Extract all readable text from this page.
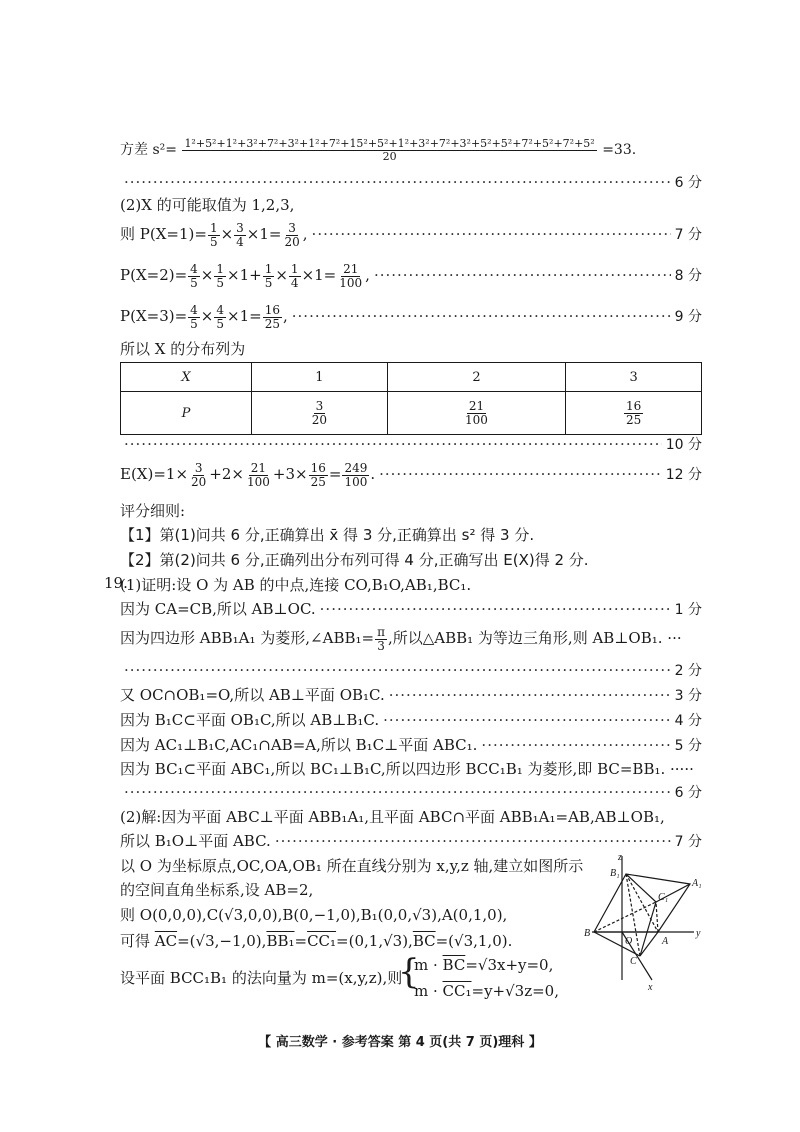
方差 $s^2= \frac{\text{1²+5²+1²+3²+7²+3²+1²+7²+15²+5²+1²+3²+7²+3²+5²+5²+7²+5²+7²+5²}}{20} =33$.
·····
6 分
(2)X 的可能取值为 1,2,3,
则 $P(X=1)= \frac{1}{5} \times \frac{3}{4} \times 1= \frac{3}{20}$ , ·····	7 分
$P(X=2)= \frac{4}{5} \times \frac{1}{5} \times 1+ \frac{1}{5} \times \frac{1}{4} \times 1= \frac{21}{100}$ , ·····	8 分
$P(X=3)= \frac{4}{5} \times \frac{4}{5} \times 1= \frac{16}{25}$ , ·····	9 分
所以 X 的分布列为
X	1	2	3
P	$\frac{3}{20}$	$\frac{21}{100}$	$\frac{16}{25}$
·····
10 分
$E(X)=1\times \frac{3}{20} +2\times \frac{21}{100} +3\times \frac{16}{25} = \frac{249}{100}$ . ·····	12 分
评分细则:
【1】第(1)问共 6 分,正确算出 x̄ 得 3 分,正确算出 s² 得 3 分.
【2】第(2)问共 6 分,正确列出分布列可得 4 分,正确写出 E(X)得 2 分.
19.
(1)证明:设 O 为 AB 的中点,连接 CO,B₁O,AB₁,BC₁.
因为 CA=CB,所以 AB⊥OC. ·····	1 分
因为四边形 ABB₁A₁ 为菱形,∠ABB₁= $\frac{\pi}{3}$ ,所以△ABB₁ 为等边三角形,则 AB⊥OB₁. ···
·····
2 分
又 OC∩OB₁=O,所以 AB⊥平面 OB₁C. ·····	3 分
因为 B₁C⊂平面 OB₁C,所以 AB⊥B₁C. ·····	4 分
因为 AC₁⊥B₁C,AC₁∩AB=A,所以 B₁C⊥平面 ABC₁. ·····	5 分
因为 BC₁⊂平面 ABC₁,所以 BC₁⊥B₁C,所以四边形 BCC₁B₁ 为菱形,即 BC=BB₁. ·····
·····
6 分
(2)解:因为平面 ABC⊥平面 ABB₁A₁,且平面 ABC∩平面 ABB₁A₁=AB,AB⊥OB₁,
所以 B₁O⊥平面 ABC. ·····	7 分
以 O 为坐标原点,OC,OA,OB₁ 所在直线分别为 x,y,z 轴,建立如图所示
的空间直角坐标系,设 AB=2,
则 O(0,0,0),C(√3,0,0),B(0,−1,0),B₁(0,0,√3),A(0,1,0),
可得 $\overline{AC}=(√3,-1,0),BB_1=CC_1=(0,1,√3),\overline{BC}=(√3,1,0)$.
设平面 BCC₁B₁ 的法向量为 m=(x,y,z),则
{
$m \cdot \overline{BC}=√3x+y=0$,
m · CC₁=y+√3z=0,
z
B₁
A₁
C₁
B
O	A
y
C
x
【 高三数学 · 参考答案 第 4 页(共 7 页)理科 】
